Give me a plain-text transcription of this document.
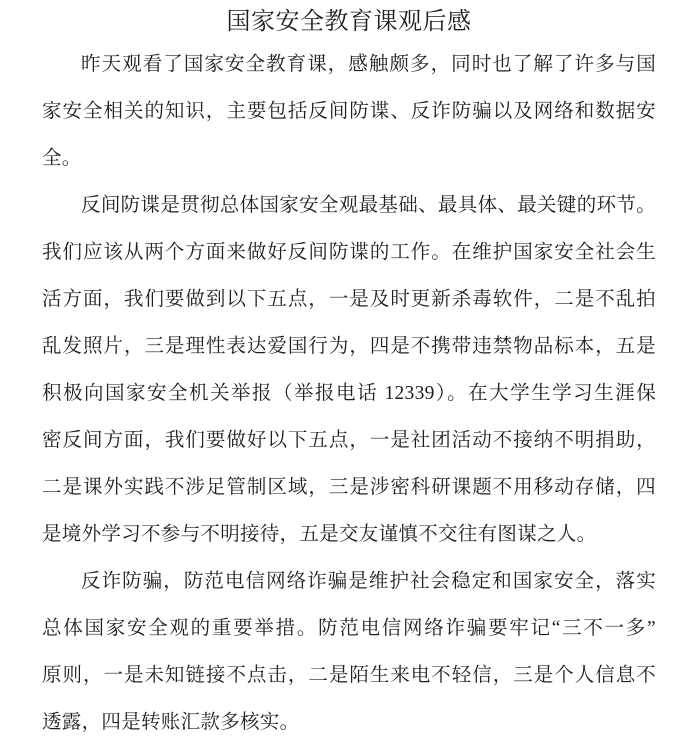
国家安全教育课观后感
昨天观看了国家安全教育课，感触颇多，同时也了解了许多与国
家安全相关的知识，主要包括反间防谍、反诈防骗以及网络和数据安
全。
反间防谍是贯彻总体国家安全观最基础、最具体、最关键的环节。
我们应该从两个方面来做好反间防谍的工作。在维护国家安全社会生
活方面，我们要做到以下五点，一是及时更新杀毒软件，二是不乱拍
乱发照片，三是理性表达爱国行为，四是不携带违禁物品标本，五是
积极向国家安全机关举报（举报电话 12339）。在大学生学习生涯保
密反间方面，我们要做好以下五点，一是社团活动不接纳不明捐助，
二是课外实践不涉足管制区域，三是涉密科研课题不用移动存储，四
是境外学习不参与不明接待，五是交友谨慎不交往有图谋之人。
反诈防骗，防范电信网络诈骗是维护社会稳定和国家安全，落实
总体国家安全观的重要举措。防范电信网络诈骗要牢记“三不一多”
原则，一是未知链接不点击，二是陌生来电不轻信，三是个人信息不
透露，四是转账汇款多核实。
